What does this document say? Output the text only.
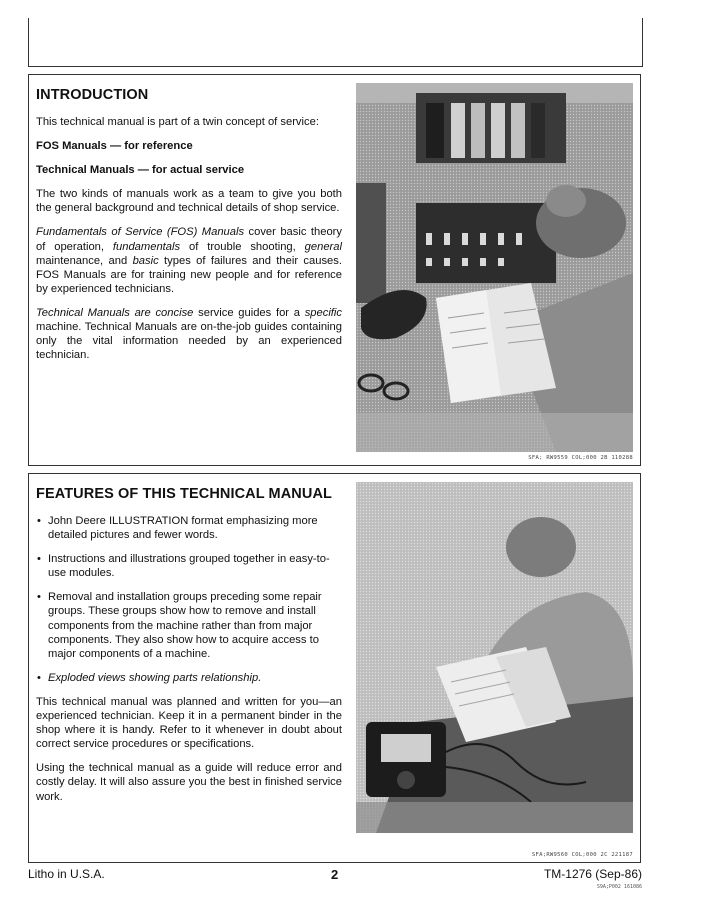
INTRODUCTION

This technical manual is part of a twin concept of service:

FOS Manuals — for reference

Technical Manuals — for actual service

The two kinds of manuals work as a team to give you both the general background and technical details of shop service.

Fundamentals of Service (FOS) Manuals cover basic theory of operation, fundamentals of trouble shooting, general maintenance, and basic types of failures and their causes. FOS Manuals are for training new people and for reference by experienced technicians.

Technical Manuals are concise service guides for a specific machine. Technical Manuals are on-the-job guides containing only the vital information needed by an experienced technician.

SFA; RW9559 COL;000 2B 110288
FEATURES OF THIS TECHNICAL MANUAL
• John Deere ILLUSTRATION format emphasizing more detailed pictures and fewer words.
• Instructions and illustrations grouped together in easy-to-use modules.
• Removal and installation groups preceding some repair groups. These groups show how to remove and install components from the machine rather than from major components. They also show how to acquire access to major components of a machine.
• Exploded views showing parts relationship.

This technical manual was planned and written for you—an experienced technician. Keep it in a permanent binder in the shop where it is handy. Refer to it whenever in doubt about correct service procedures or specifications.

Using the technical manual as a guide will reduce error and costly delay. It will also assure you the best in finished service work.

SFA;RW9560 COL;000 2C 221187
Litho in U.S.A.	2	TM-1276 (Sep-86)
S9A;P002 161086
